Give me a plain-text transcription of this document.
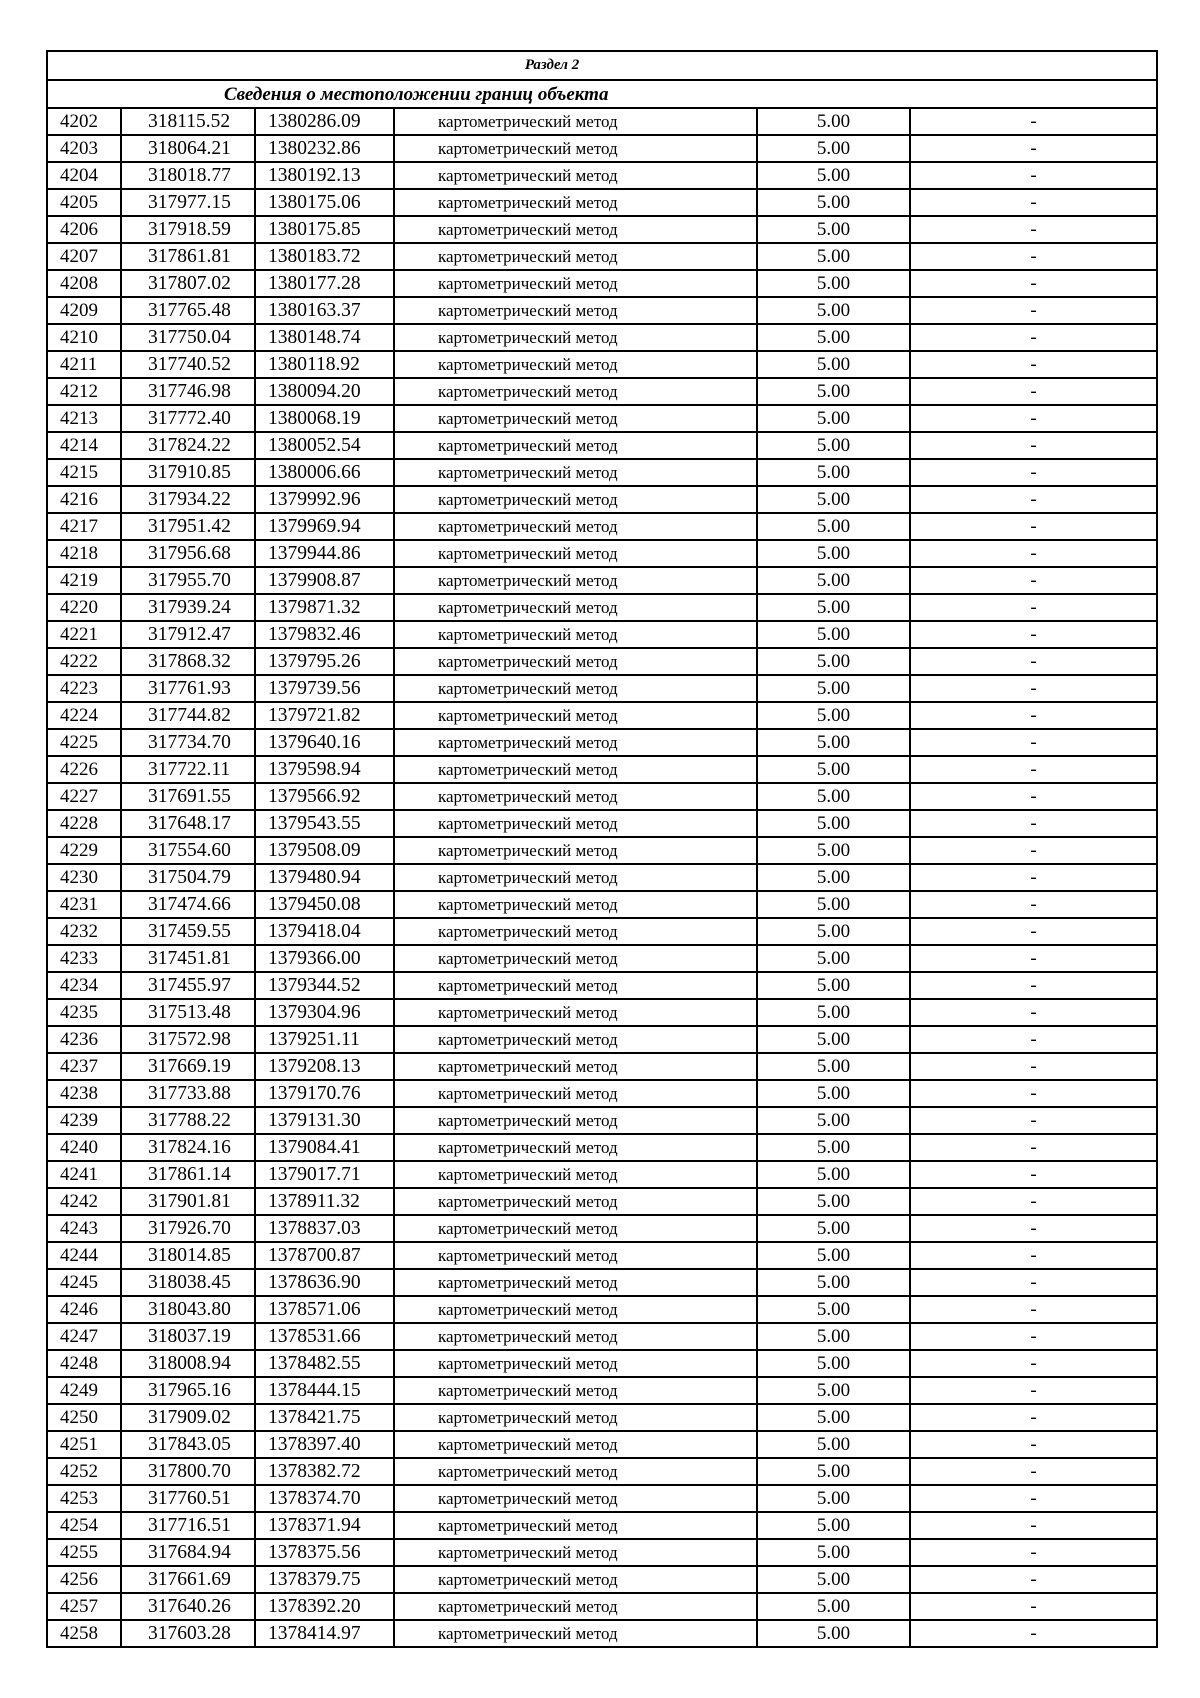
Раздел 2					
Сведения о местоположении границ объекта					
4202	318115.52	1380286.09	картометрический метод	5.00	-
4203	318064.21	1380232.86	картометрический метод	5.00	-
4204	318018.77	1380192.13	картометрический метод	5.00	-
4205	317977.15	1380175.06	картометрический метод	5.00	-
4206	317918.59	1380175.85	картометрический метод	5.00	-
4207	317861.81	1380183.72	картометрический метод	5.00	-
4208	317807.02	1380177.28	картометрический метод	5.00	-
4209	317765.48	1380163.37	картометрический метод	5.00	-
4210	317750.04	1380148.74	картометрический метод	5.00	-
4211	317740.52	1380118.92	картометрический метод	5.00	-
4212	317746.98	1380094.20	картометрический метод	5.00	-
4213	317772.40	1380068.19	картометрический метод	5.00	-
4214	317824.22	1380052.54	картометрический метод	5.00	-
4215	317910.85	1380006.66	картометрический метод	5.00	-
4216	317934.22	1379992.96	картометрический метод	5.00	-
4217	317951.42	1379969.94	картометрический метод	5.00	-
4218	317956.68	1379944.86	картометрический метод	5.00	-
4219	317955.70	1379908.87	картометрический метод	5.00	-
4220	317939.24	1379871.32	картометрический метод	5.00	-
4221	317912.47	1379832.46	картометрический метод	5.00	-
4222	317868.32	1379795.26	картометрический метод	5.00	-
4223	317761.93	1379739.56	картометрический метод	5.00	-
4224	317744.82	1379721.82	картометрический метод	5.00	-
4225	317734.70	1379640.16	картометрический метод	5.00	-
4226	317722.11	1379598.94	картометрический метод	5.00	-
4227	317691.55	1379566.92	картометрический метод	5.00	-
4228	317648.17	1379543.55	картометрический метод	5.00	-
4229	317554.60	1379508.09	картометрический метод	5.00	-
4230	317504.79	1379480.94	картометрический метод	5.00	-
4231	317474.66	1379450.08	картометрический метод	5.00	-
4232	317459.55	1379418.04	картометрический метод	5.00	-
4233	317451.81	1379366.00	картометрический метод	5.00	-
4234	317455.97	1379344.52	картометрический метод	5.00	-
4235	317513.48	1379304.96	картометрический метод	5.00	-
4236	317572.98	1379251.11	картометрический метод	5.00	-
4237	317669.19	1379208.13	картометрический метод	5.00	-
4238	317733.88	1379170.76	картометрический метод	5.00	-
4239	317788.22	1379131.30	картометрический метод	5.00	-
4240	317824.16	1379084.41	картометрический метод	5.00	-
4241	317861.14	1379017.71	картометрический метод	5.00	-
4242	317901.81	1378911.32	картометрический метод	5.00	-
4243	317926.70	1378837.03	картометрический метод	5.00	-
4244	318014.85	1378700.87	картометрический метод	5.00	-
4245	318038.45	1378636.90	картометрический метод	5.00	-
4246	318043.80	1378571.06	картометрический метод	5.00	-
4247	318037.19	1378531.66	картометрический метод	5.00	-
4248	318008.94	1378482.55	картометрический метод	5.00	-
4249	317965.16	1378444.15	картометрический метод	5.00	-
4250	317909.02	1378421.75	картометрический метод	5.00	-
4251	317843.05	1378397.40	картометрический метод	5.00	-
4252	317800.70	1378382.72	картометрический метод	5.00	-
4253	317760.51	1378374.70	картометрический метод	5.00	-
4254	317716.51	1378371.94	картометрический метод	5.00	-
4255	317684.94	1378375.56	картометрический метод	5.00	-
4256	317661.69	1378379.75	картометрический метод	5.00	-
4257	317640.26	1378392.20	картометрический метод	5.00	-
4258	317603.28	1378414.97	картометрический метод	5.00	-
